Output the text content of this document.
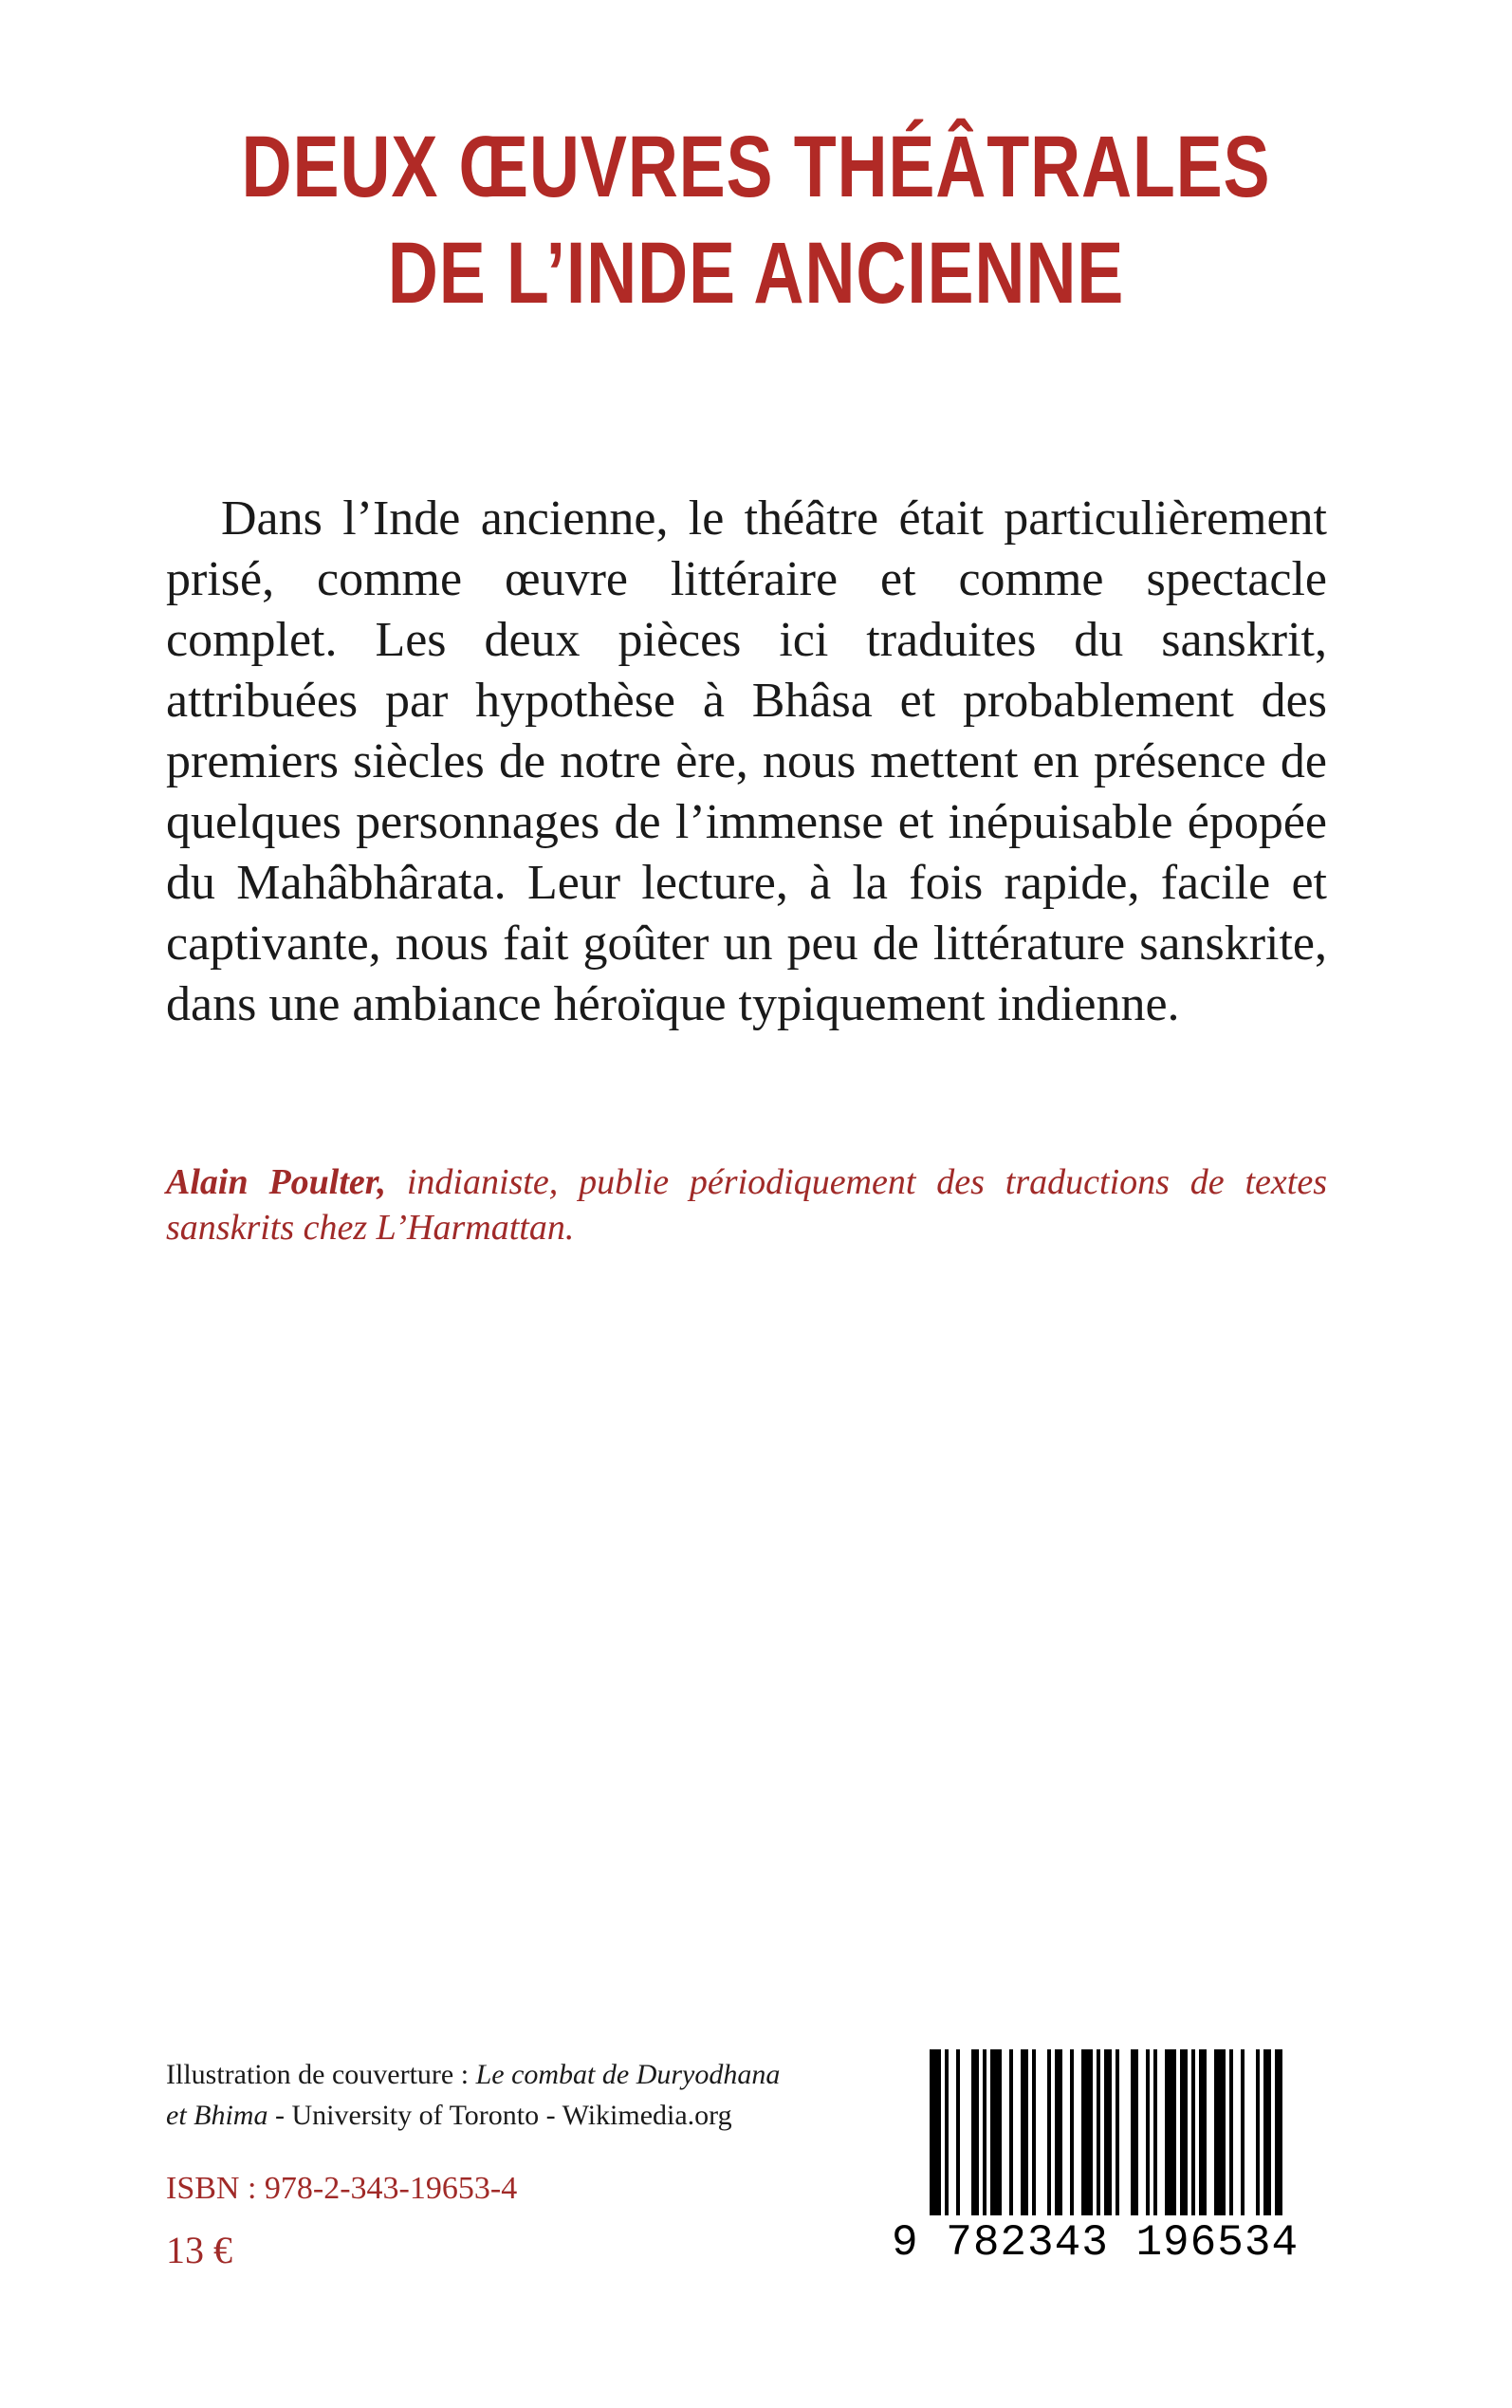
DEUX ŒUVRES THÉÂTRALES
DE L’INDE ANCIENNE
Dans l’Inde ancienne, le théâtre était particulièrement prisé, comme œuvre littéraire et comme spectacle complet. Les deux pièces ici traduites du sanskrit, attribuées par hypothèse à Bhâsa et probablement des premiers siècles de notre ère, nous mettent en présence de quelques personnages de l’immense et inépuisable épopée du Mahâbhârata. Leur lecture, à la fois rapide, facile et captivante, nous fait goûter un peu de littérature sanskrite, dans une ambiance héroïque typiquement indienne.
Alain Poulter, indianiste, publie périodiquement des traductions de textes sanskrits chez L’Harmattan.
Illustration de couverture : Le combat de Duryodhana
et Bhima - University of Toronto - Wikimedia.org
ISBN : 978-2-343-19653-4
13 €	9 782343 196534
